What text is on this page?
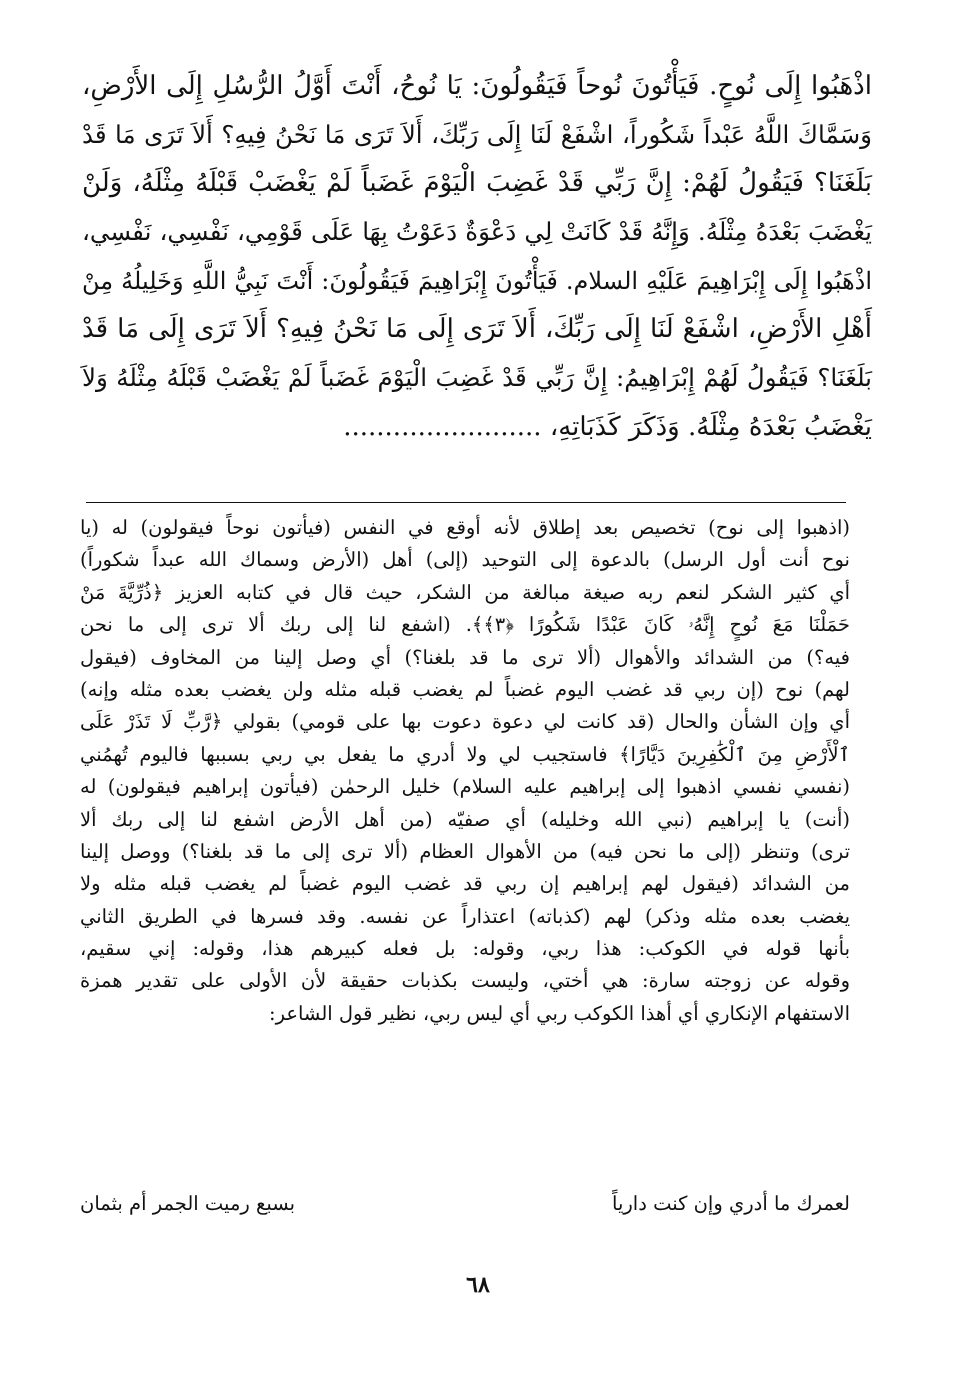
اذْهَبُوا إِلَى نُوحٍ. فَيَأْتُونَ نُوحاً فَيَقُولُونَ: يَا نُوحُ، أَنْتَ أَوَّلُ الرُّسُلِ إِلَى الأَرْضِ،
وَسَمَّاكَ اللَّهُ عَبْداً شَكُوراً، اشْفَعْ لَنَا إِلَى رَبِّكَ، أَلاَ تَرَى مَا نَحْنُ فِيهِ؟ أَلاَ تَرَى مَا قَدْ
بَلَغَنَا؟ فَيَقُولُ لَهُمْ: إِنَّ رَبِّي قَدْ غَضِبَ الْيَوْمَ غَضَباً لَمْ يَغْضَبْ قَبْلَهُ مِثْلَهُ، وَلَنْ
يَغْضَبَ بَعْدَهُ مِثْلَهُ. وَإِنَّهُ قَدْ كَانَتْ لِي دَعْوَةٌ دَعَوْتُ بِهَا عَلَى قَوْمِي، نَفْسِي، نَفْسِي،
اذْهَبُوا إِلَى إِبْرَاهِيمَ عَلَيْهِ السلام. فَيَأْتُونَ إِبْرَاهِيمَ فَيَقُولُونَ: أَنْتَ نَبِيُّ اللَّهِ وَخَلِيلُهُ مِنْ
أَهْلِ الأَرْضِ، اشْفَعْ لَنَا إِلَى رَبِّكَ، أَلاَ تَرَى إِلَى مَا نَحْنُ فِيهِ؟ أَلاَ تَرَى إِلَى مَا قَدْ
بَلَغَنَا؟ فَيَقُولُ لَهُمْ إِبْرَاهِيمُ: إِنَّ رَبِّي قَدْ غَضِبَ الْيَوْمَ غَضَباً لَمْ يَغْضَبْ قَبْلَهُ مِثْلَهُ وَلاَ
يَغْضَبُ بَعْدَهُ مِثْلَهُ. وَذَكَرَ كَذَبَاتِهِ، ........................
(اذهبوا إلى نوح) تخصيص بعد إطلاق لأنه أوقع في النفس (فيأتون نوحاً فيقولون) له (يا
نوح أنت أول الرسل) بالدعوة إلى التوحيد (إلى) أهل (الأرض وسماك الله عبداً شكوراً)
أي كثير الشكر لنعم ربه صيغة مبالغة من الشكر، حيث قال في كتابه العزيز ﴿ذُرِّيَّةَ مَنْ
حَمَلْنَا مَعَ نُوحٍ إِنَّهُۥ كَانَ عَبْدًا شَكُورًا ﴿٣﴾﴾. (اشفع لنا إلى ربك ألا ترى إلى ما نحن
فيه؟) من الشدائد والأهوال (ألا ترى ما قد بلغنا؟) أي وصل إلينا من المخاوف (فيقول
لهم) نوح (إن ربي قد غضب اليوم غضباً لم يغضب قبله مثله ولن يغضب بعده مثله وإنه)
أي وإن الشأن والحال (قد كانت لي دعوة دعوت بها على قومي) بقولي ﴿رَّبِّ لَا تَذَرْ عَلَى
ٱلْأَرْضِ مِنَ ٱلْكَٰفِرِينَ دَيَّارًا﴾ فاستجيب لي ولا أدري ما يفعل بي ربي بسببها فاليوم تُهمُني
(نفسي نفسي اذهبوا إلى إبراهيم عليه السلام) خليل الرحمٰن (فيأتون إبراهيم فيقولون) له
(أنت) يا إبراهيم (نبي الله وخليله) أي صفيّه (من أهل الأرض اشفع لنا إلى ربك ألا
ترى) وتنظر (إلى ما نحن فيه) من الأهوال العظام (ألا ترى إلى ما قد بلغنا؟) ووصل إلينا
من الشدائد (فيقول لهم إبراهيم إن ربي قد غضب اليوم غضباً لم يغضب قبله مثله ولا
يغضب بعده مثله وذكر) لهم (كذباته) اعتذاراً عن نفسه. وقد فسرها في الطريق الثاني
بأنها قوله في الكوكب: هذا ربي، وقوله: بل فعله كبيرهم هذا، وقوله: إني سقيم،
وقوله عن زوجته سارة: هي أختي، وليست بكذبات حقيقة لأن الأولى على تقدير همزة
الاستفهام الإنكاري أي أهذا الكوكب ربي أي ليس ربي، نظير قول الشاعر:
لعمرك ما أدري وإن كنت دارياً
بسبع رميت الجمر أم بثمان
٦٨
